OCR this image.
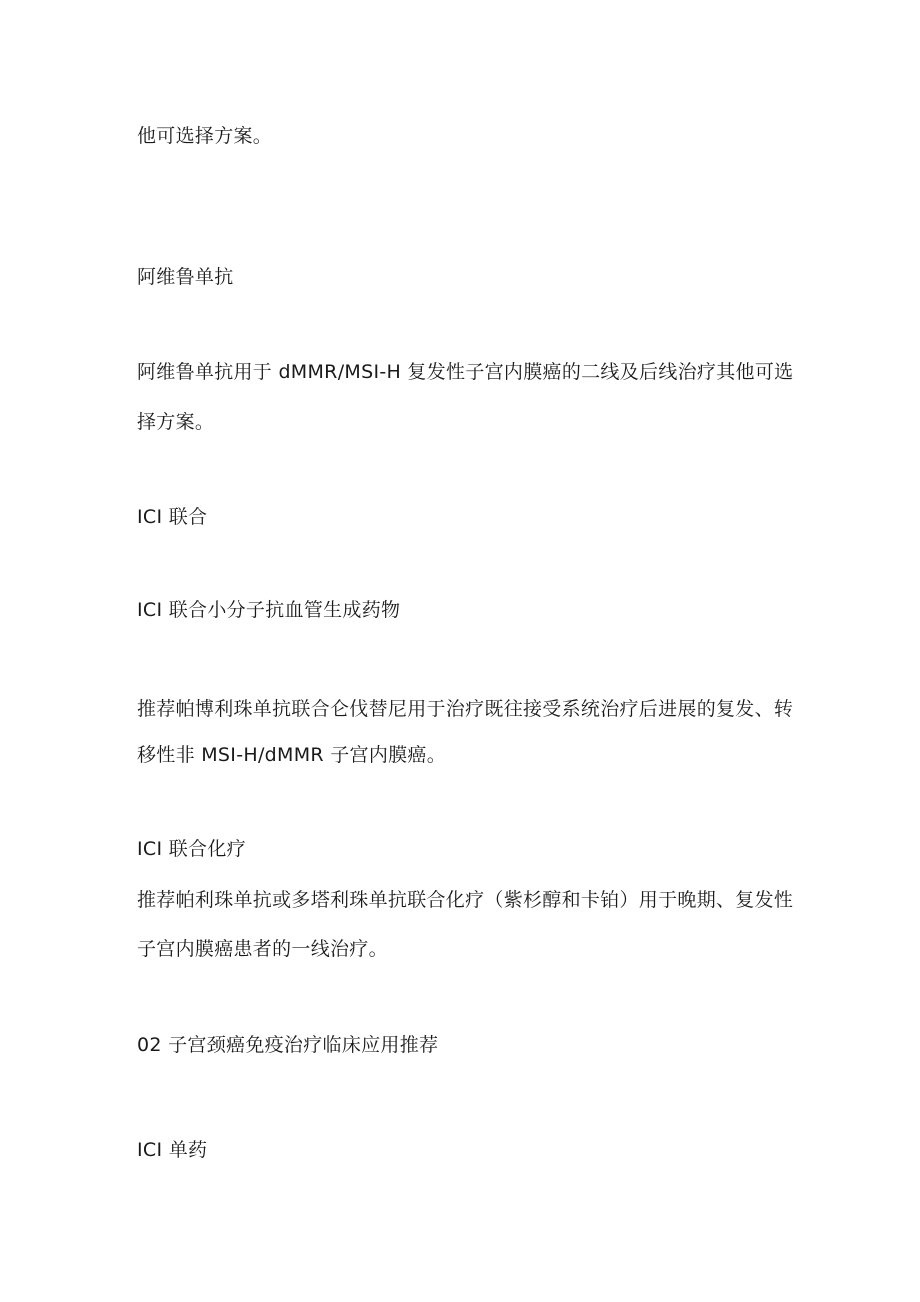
他可选择方案。
阿维鲁单抗
阿维鲁单抗用于 dMMR/MSI-H 复发性子宫内膜癌的二线及后线治疗其他可选
择方案。
ICI 联合
ICI 联合小分子抗血管生成药物
推荐帕博利珠单抗联合仑伐替尼用于治疗既往接受系统治疗后进展的复发、转
移性非 MSI-H/dMMR 子宫内膜癌。
ICI 联合化疗
推荐帕利珠单抗或多塔利珠单抗联合化疗（紫杉醇和卡铂）用于晚期、复发性
子宫内膜癌患者的一线治疗。
02 子宫颈癌免疫治疗临床应用推荐
ICI 单药
